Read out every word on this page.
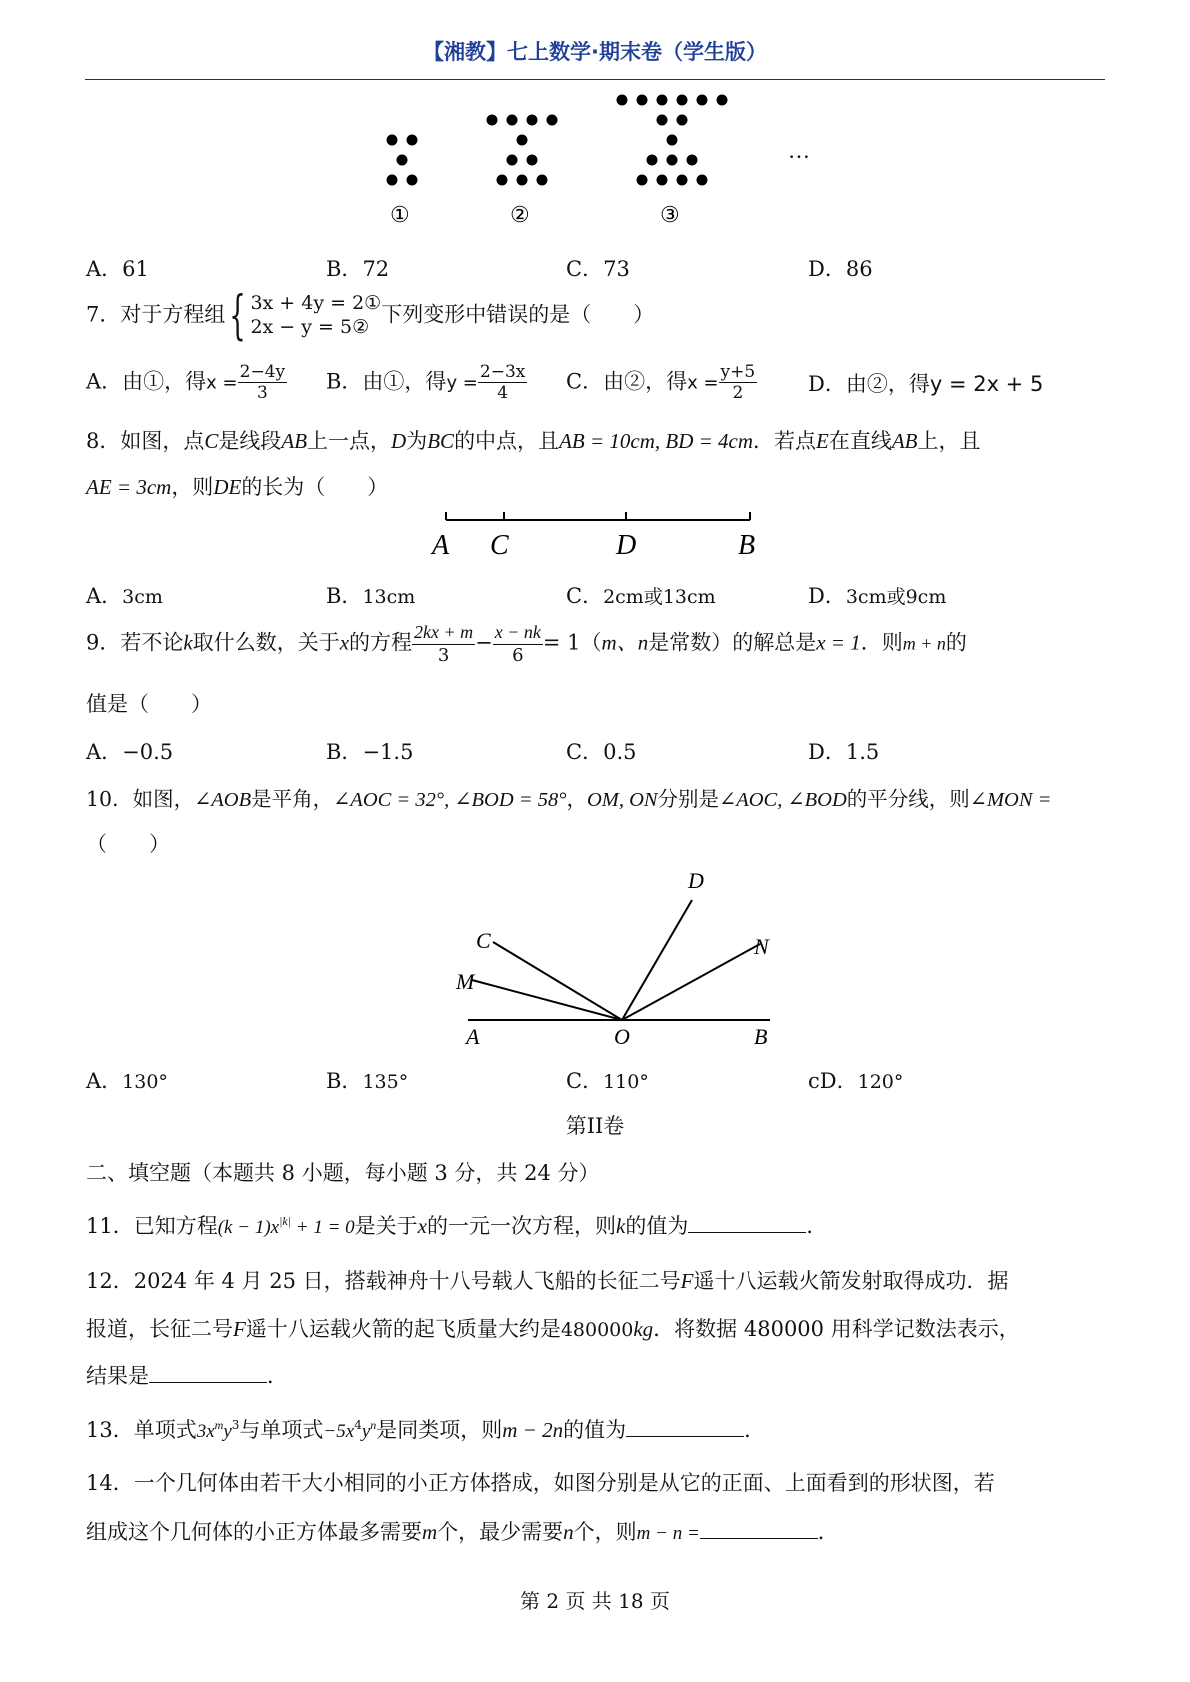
【湘教】七上数学·期末卷（学生版）
①	②	③
…
A．61	B．72	C．73	D．86
7．对于方程组{ 3x + 4y = 2①
2x − y = 5②
下列变形中错误的是（　　）
A．由①，得$x = \frac{2-4y}{3}$ B．由①，得$y = \frac{2-3x}{4}$ C．由②，得$x = \frac{y+5}{2}$ D．由②，得y = 2x + 5
8．如图，点C是线段AB上一点，D为BC的中点，且AB = 10cm, BD = 4cm．若点E在直线AB上，且
AE = 3cm，则DE的长为（　　）
A C	D	B
A．3cm	B．13cm	C．2cm或13cm	D．3cm或9cm
9．若不论k取什么数，关于x的方程 $\frac{2kx + m}{3} - \frac{x - nk}{6} = 1(m$、n是常数）的解总是x = 1．则m + n的
值是（　　）
A．−0.5	B．−1.5	C．0.5	D．1.5
10．如图，∠AOB是平角，∠AOC = 32°, ∠BOD = 58°，OM, ON分别是∠AOC, ∠BOD的平分线，则∠MON =
（　　）
D
C	N
M
A	O	B
A．130°	B．135°	C．110°	cD．120°
第II卷
二、填空题（本题共 8 小题，每小题 3 分，共 24 分）
11．已知方程$(k - 1)x^{|k|} + 1 = 0$是关于x的一元一次方程，则k的值为	．
12．2024 年 4 月 25 日，搭载神舟十八号载人飞船的长征二号F遥十八运载火箭发射取得成功．据
报道，长征二号F遥十八运载火箭的起飞质量大约是480000kg．将数据 480000 用科学记数法表示，
结果是	．
13．单项式$3x^my^3$与单项式$-5x^4y^n$是同类项，则m − 2n的值为	．
14．一个几何体由若干大小相同的小正方体搭成，如图分别是从它的正面、上面看到的形状图，若
组成这个几何体的小正方体最多需要m个，最少需要n个，则m − n =	．
第 2 页 共 18 页
